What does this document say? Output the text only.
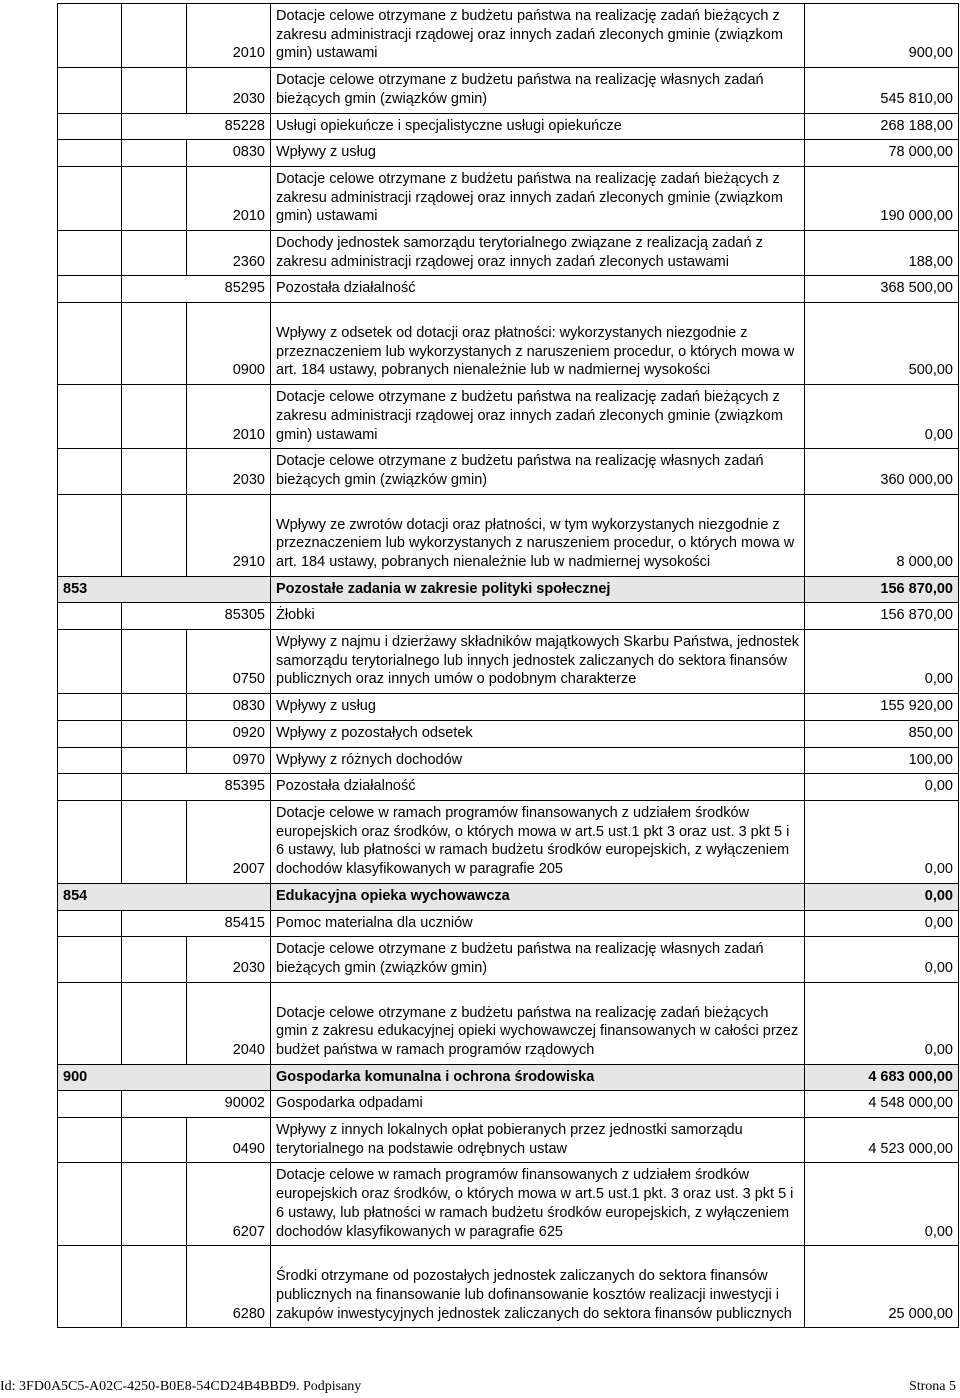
		2010	Dotacje celowe otrzymane z budżetu państwa na realizację zadań bieżących z zakresu administracji rządowej oraz innych zadań zleconych gminie (związkom gmin) ustawami	900,00
		2030	Dotacje celowe otrzymane z budżetu państwa na realizację własnych zadań bieżących gmin (związków gmin)	545 810,00
	85228		Usługi opiekuńcze i specjalistyczne usługi opiekuńcze	268 188,00
		0830	Wpływy z usług	78 000,00
		2010	Dotacje celowe otrzymane z budżetu państwa na realizację zadań bieżących z zakresu administracji rządowej oraz innych zadań zleconych gminie (związkom gmin) ustawami	190 000,00
		2360	Dochody jednostek samorządu terytorialnego związane z realizacją zadań z zakresu administracji rządowej oraz innych zadań zleconych ustawami	188,00
	85295		Pozostała działalność	368 500,00
		0900	Wpływy z odsetek od dotacji oraz płatności: wykorzystanych niezgodnie z przeznaczeniem lub wykorzystanych z naruszeniem procedur, o których mowa w art. 184 ustawy, pobranych nienależnie lub w nadmiernej wysokości	500,00
		2010	Dotacje celowe otrzymane z budżetu państwa na realizację zadań bieżących z zakresu administracji rządowej oraz innych zadań zleconych gminie (związkom gmin) ustawami	0,00
		2030	Dotacje celowe otrzymane z budżetu państwa na realizację własnych zadań bieżących gmin (związków gmin)	360 000,00
		2910	Wpływy ze zwrotów dotacji oraz płatności, w tym wykorzystanych niezgodnie z przeznaczeniem lub wykorzystanych z naruszeniem procedur, o których mowa w art. 184 ustawy, pobranych nienależnie lub w nadmiernej wysokości	8 000,00
853			Pozostałe zadania w zakresie polityki społecznej	156 870,00
	85305		Żłobki	156 870,00
		0750	Wpływy z najmu i dzierżawy składników majątkowych Skarbu Państwa, jednostek samorządu terytorialnego lub innych jednostek zaliczanych do sektora finansów publicznych oraz innych umów o podobnym charakterze	0,00
		0830	Wpływy z usług	155 920,00
		0920	Wpływy z pozostałych odsetek	850,00
		0970	Wpływy z różnych dochodów	100,00
	85395		Pozostała działalność	0,00
		2007	Dotacje celowe w ramach programów finansowanych z udziałem środków europejskich oraz środków, o których mowa w art.5 ust.1 pkt 3 oraz ust. 3 pkt 5 i 6 ustawy, lub płatności w ramach budżetu środków europejskich, z wyłączeniem dochodów klasyfikowanych w paragrafie 205	0,00
854			Edukacyjna opieka wychowawcza	0,00
	85415		Pomoc materialna dla uczniów	0,00
		2030	Dotacje celowe otrzymane z budżetu państwa na realizację własnych zadań bieżących gmin (związków gmin)	0,00
		2040	Dotacje celowe otrzymane z budżetu państwa na realizację zadań bieżących gmin z zakresu edukacyjnej opieki wychowawczej finansowanych w całości przez budżet państwa w ramach programów rządowych	0,00
900			Gospodarka komunalna i ochrona środowiska	4 683 000,00
	90002		Gospodarka odpadami	4 548 000,00
		0490	Wpływy z innych lokalnych opłat pobieranych przez jednostki samorządu terytorialnego na podstawie odrębnych ustaw	4 523 000,00
		6207	Dotacje celowe w ramach programów finansowanych z udziałem środków europejskich oraz środków, o których mowa w art.5 ust.1 pkt. 3 oraz ust. 3 pkt 5 i 6 ustawy, lub płatności w ramach budżetu środków europejskich, z wyłączeniem dochodów klasyfikowanych w paragrafie 625	0,00
		6280	Środki otrzymane od pozostałych jednostek zaliczanych do sektora finansów publicznych na finansowanie lub dofinansowanie kosztów realizacji inwestycji i zakupów inwestycyjnych jednostek zaliczanych do sektora finansów publicznych	25 000,00
Id: 3FD0A5C5-A02C-4250-B0E8-54CD24B4BBD9. Podpisany	Strona 5
